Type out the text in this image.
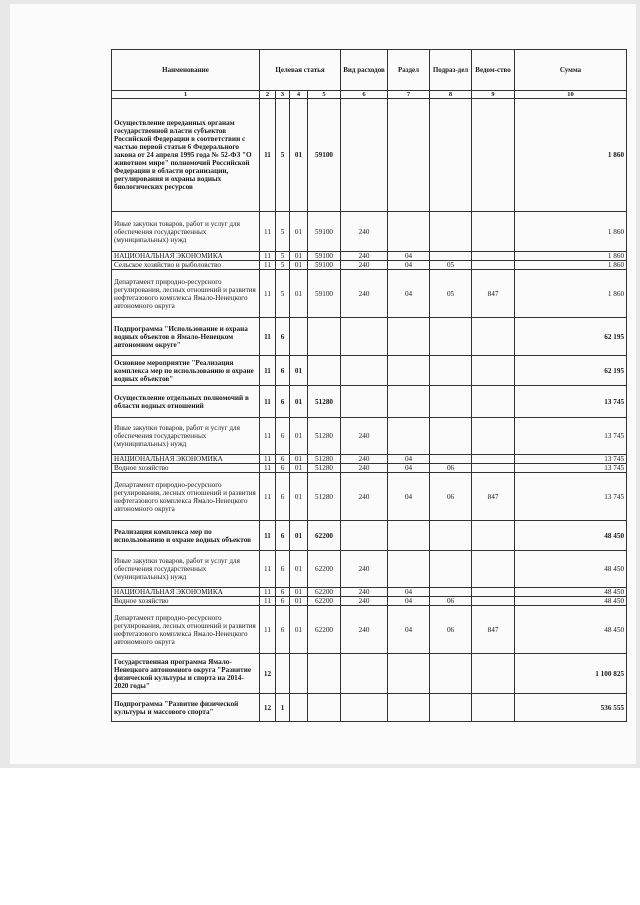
Наименование	Целевая статья				Вид расходов	Раздел	Подраз-дел	Ведом-ство	Сумма
1	2	3	4	5	6	7	8	9	10
Осуществление переданных органам государственной власти субъектов Российской Федерации в соответствии с частью первой статьи 6 Федерального закона от 24 апреля 1995 года № 52-ФЗ "О животном мире" полномочий Российской Федерации в области организации, регулирования и охраны водных биологических ресурсов	11	5	01	59100					1 860
Иные закупки товаров, работ и услуг для обеспечения государственных (муниципальных) нужд	11	5	01	59100	240				1 860
НАЦИОНАЛЬНАЯ ЭКОНОМИКА	11	5	01	59100	240	04			1 860
Сельское хозяйство и рыболовство	11	5	01	59100	240	04	05		1 860
Департамент природно-ресурсного регулирования, лесных отношений и развития нефтегазового комплекса Ямало-Ненецкого автономного округа	11	5	01	59100	240	04	05	847	1 860
Подпрограмма "Использование и охрана водных объектов в Ямало-Ненецком автономном округе"	11	6							62 195
Основное мероприятие "Реализация комплекса мер по использованию и охране водных объектов"	11	6	01						62 195
Осуществление отдельных полномочий в области водных отношений	11	6	01	51280					13 745
Иные закупки товаров, работ и услуг для обеспечения государственных (муниципальных) нужд	11	6	01	51280	240				13 745
НАЦИОНАЛЬНАЯ ЭКОНОМИКА	11	6	01	51280	240	04			13 745
Водное хозяйство	11	6	01	51280	240	04	06		13 745
Департамент природно-ресурсного регулирования, лесных отношений и развития нефтегазового комплекса Ямало-Ненецкого автономного округа	11	6	01	51280	240	04	06	847	13 745
Реализация комплекса мер по использованию и охране водных объектов	11	6	01	62200					48 450
Иные закупки товаров, работ и услуг для обеспечения государственных (муниципальных) нужд	11	6	01	62200	240				48 450
НАЦИОНАЛЬНАЯ ЭКОНОМИКА	11	6	01	62200	240	04			48 450
Водное хозяйство	11	6	01	62200	240	04	06		48 450
Департамент природно-ресурсного регулирования, лесных отношений и развития нефтегазового комплекса Ямало-Ненецкого автономного округа	11	6	01	62200	240	04	06	847	48 450
Государственная программа Ямало-Ненецкого автономного округа "Развитие физической культуры и спорта на 2014-2020 годы"	12								1 100 825
Подпрограмма "Развитие физической культуры и массового спорта"	12	1							536 555
